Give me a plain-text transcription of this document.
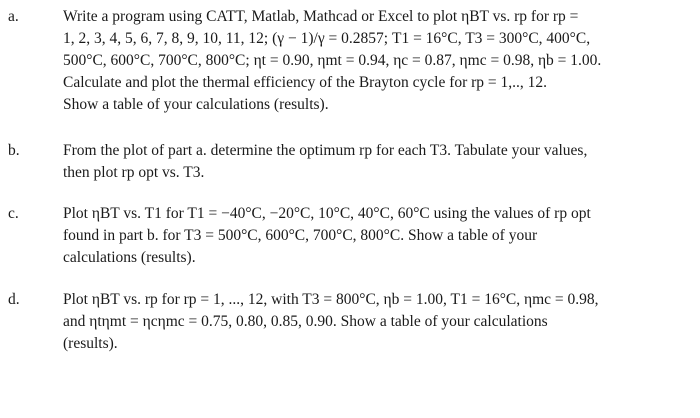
a.	Write a program using CATT, Matlab, Mathcad or Excel to plot ηBT vs. rp for rp =
1, 2, 3, 4, 5, 6, 7, 8, 9, 10, 11, 12; (γ − 1)/γ = 0.2857; T1 = 16°C, T3 = 300°C, 400°C,
500°C, 600°C, 700°C, 800°C; ηt = 0.90, ηmt = 0.94, ηc = 0.87, ηmc = 0.98, ηb = 1.00.
Calculate and plot the thermal efficiency of the Brayton cycle for rp = 1,.., 12.
Show a table of your calculations (results).
b.	From the plot of part a. determine the optimum rp for each T3. Tabulate your values,
then plot rp opt vs. T3.
c.	Plot ηBT vs. T1 for T1 = −40°C, −20°C, 10°C, 40°C, 60°C using the values of rp opt
found in part b. for T3 = 500°C, 600°C, 700°C, 800°C. Show a table of your
calculations (results).
d.	Plot ηBT vs. rp for rp = 1, ..., 12, with T3 = 800°C, ηb = 1.00, T1 = 16°C, ηmc = 0.98,
and ηtηmt = ηcηmc = 0.75, 0.80, 0.85, 0.90. Show a table of your calculations
(results).
